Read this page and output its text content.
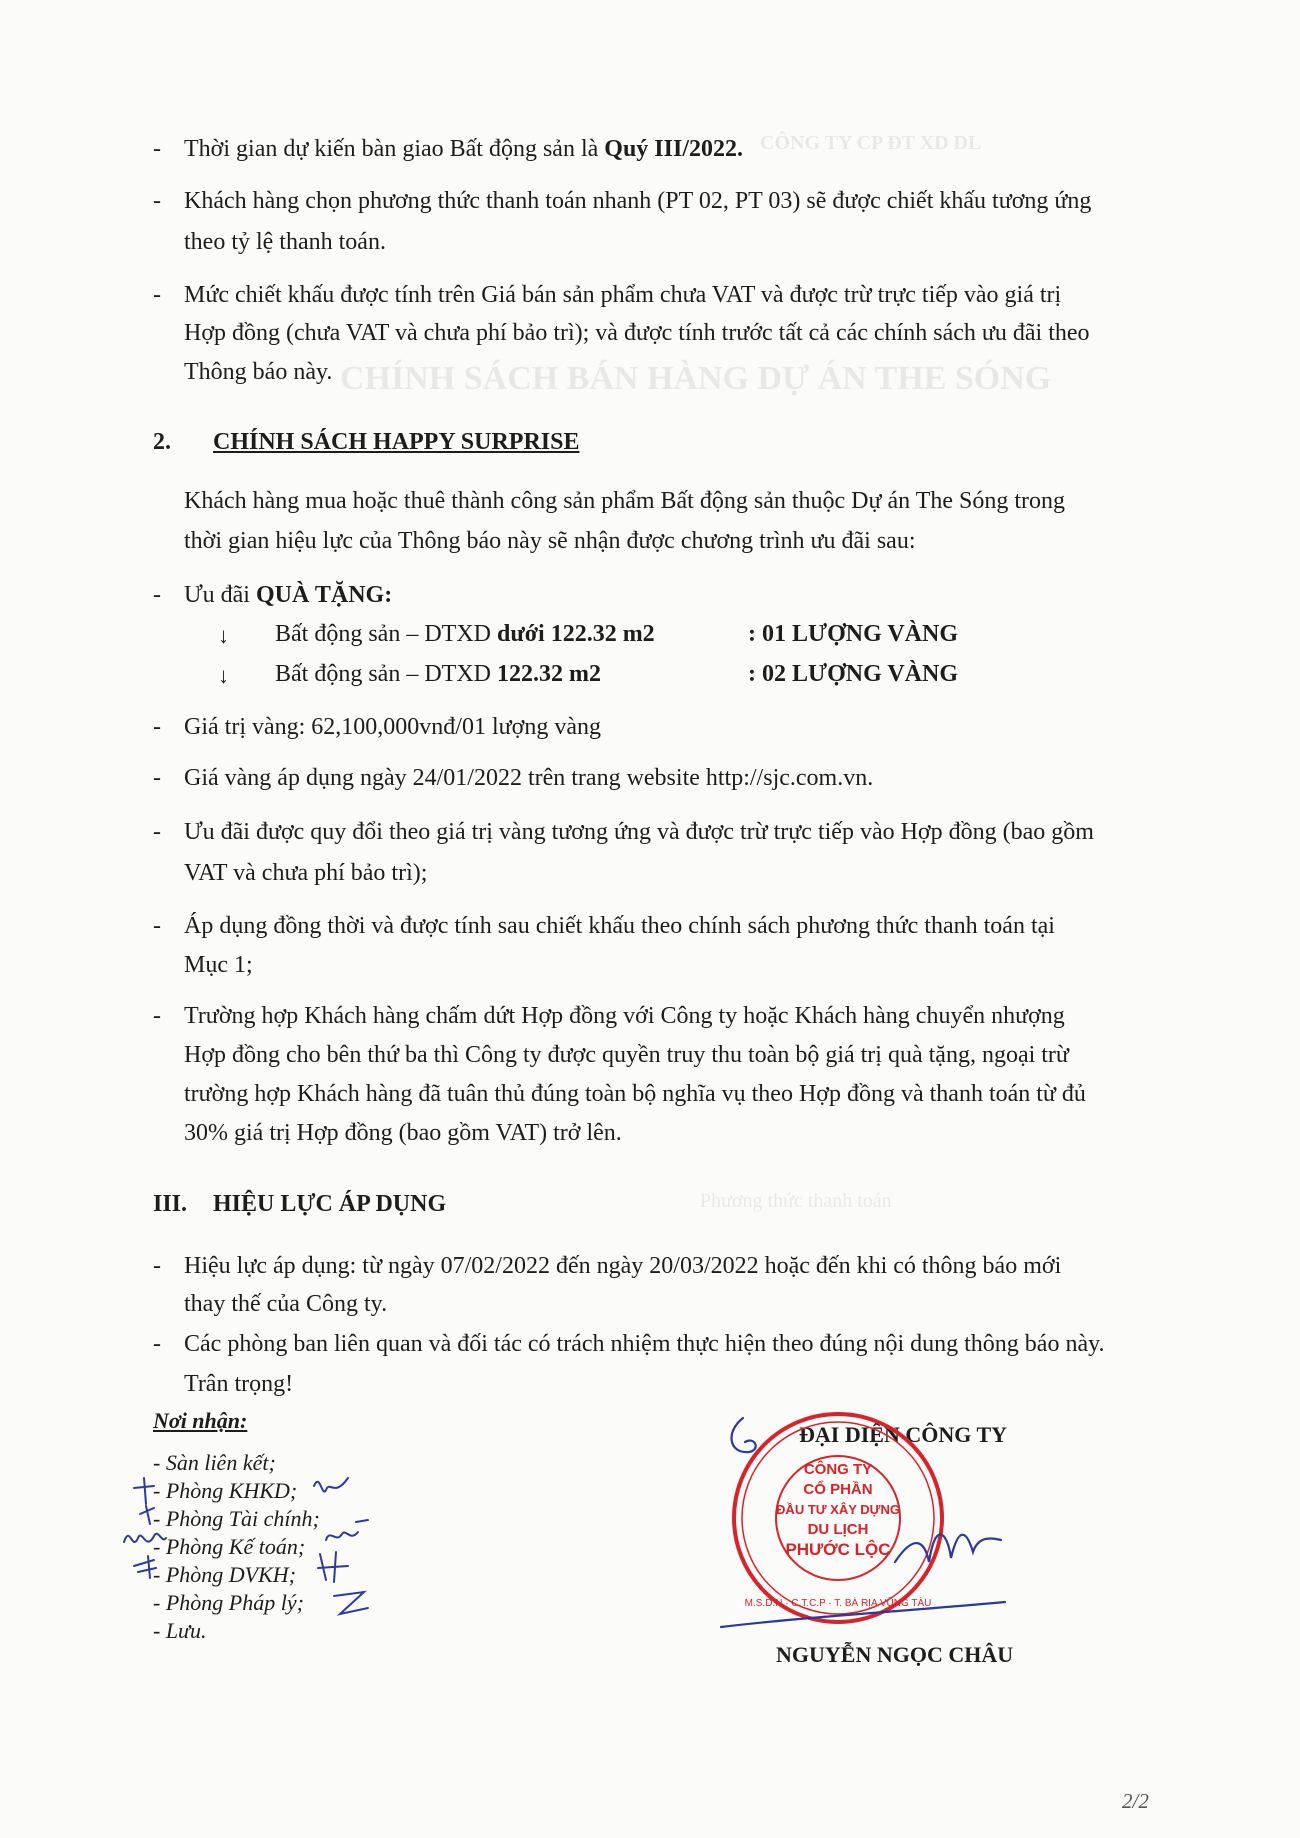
CÔNG TY CP ĐT XD DL
CHÍNH SÁCH BÁN HÀNG DỰ ÁN THE SÓNG
Phương thức thanh toán
- Thời gian dự kiến bàn giao Bất động sản là Quý III/2022.
- Khách hàng chọn phương thức thanh toán nhanh (PT 02, PT 03) sẽ được chiết khấu tương ứng
theo tỷ lệ thanh toán.
- Mức chiết khấu được tính trên Giá bán sản phẩm chưa VAT và được trừ trực tiếp vào giá trị
Hợp đồng (chưa VAT và chưa phí bảo trì); và được tính trước tất cả các chính sách ưu đãi theo
Thông báo này.
2. CHÍNH SÁCH HAPPY SURPRISE
Khách hàng mua hoặc thuê thành công sản phẩm Bất động sản thuộc Dự án The Sóng trong
thời gian hiệu lực của Thông báo này sẽ nhận được chương trình ưu đãi sau:
- Ưu đãi QUÀ TẶNG:
↓ Bất động sản – DTXD dưới 122.32 m2	: 01 LƯỢNG VÀNG
↓ Bất động sản – DTXD 122.32 m2	: 02 LƯỢNG VÀNG
- Giá trị vàng: 62,100,000vnđ/01 lượng vàng
- Giá vàng áp dụng ngày 24/01/2022 trên trang website http://sjc.com.vn.
- Ưu đãi được quy đổi theo giá trị vàng tương ứng và được trừ trực tiếp vào Hợp đồng (bao gồm
VAT và chưa phí bảo trì);
- Áp dụng đồng thời và được tính sau chiết khấu theo chính sách phương thức thanh toán tại
Mục 1;
- Trường hợp Khách hàng chấm dứt Hợp đồng với Công ty hoặc Khách hàng chuyển nhượng
Hợp đồng cho bên thứ ba thì Công ty được quyền truy thu toàn bộ giá trị quà tặng, ngoại trừ
trường hợp Khách hàng đã tuân thủ đúng toàn bộ nghĩa vụ theo Hợp đồng và thanh toán từ đủ
30% giá trị Hợp đồng (bao gồm VAT) trở lên.
III. HIỆU LỰC ÁP DỤNG
- Hiệu lực áp dụng: từ ngày 07/02/2022 đến ngày 20/03/2022 hoặc đến khi có thông báo mới
thay thế của Công ty.
- Các phòng ban liên quan và đối tác có trách nhiệm thực hiện theo đúng nội dung thông báo này.
Trân trọng!
Nơi nhận:
- Sàn liên kết;
- Phòng KHKD;
- Phòng Tài chính;
- Phòng Kế toán;
- Phòng DVKH;
- Phòng Pháp lý;
- Lưu.
ĐẠI DIỆN CÔNG TY
CÔNG TY
CỔ PHẦN
ĐẦU TƯ XÂY DỰNG
DU LỊCH
PHƯỚC LỘC
M.S.D.N · C.T.C.P · T. BÀ RỊA VŨNG TÀU
NGUYỄN NGỌC CHÂU
2/2
